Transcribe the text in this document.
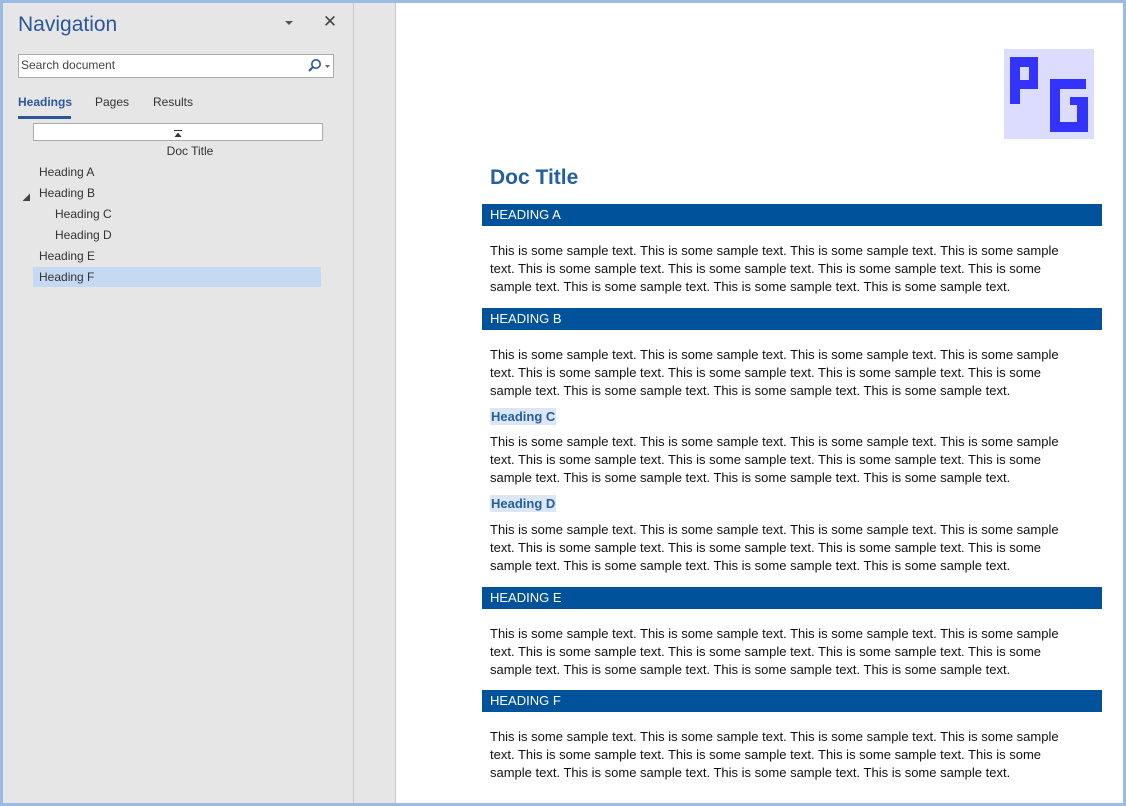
Navigation	✕
Search document
Headings Pages Results
Doc Title
Heading A
Heading B
Heading C
Heading D
Heading E
Heading F
Doc Title
HEADING A
This is some sample text. This is some sample text. This is some sample text. This is some sample text. This is some sample text. This is some sample text. This is some sample text. This is some sample text. This is some sample text. This is some sample text. This is some sample text.
HEADING B
This is some sample text. This is some sample text. This is some sample text. This is some sample text. This is some sample text. This is some sample text. This is some sample text. This is some sample text. This is some sample text. This is some sample text. This is some sample text.
Heading C
This is some sample text. This is some sample text. This is some sample text. This is some sample text. This is some sample text. This is some sample text. This is some sample text. This is some sample text. This is some sample text. This is some sample text. This is some sample text.
Heading D
This is some sample text. This is some sample text. This is some sample text. This is some sample text. This is some sample text. This is some sample text. This is some sample text. This is some sample text. This is some sample text. This is some sample text. This is some sample text.
HEADING E
This is some sample text. This is some sample text. This is some sample text. This is some sample text. This is some sample text. This is some sample text. This is some sample text. This is some sample text. This is some sample text. This is some sample text. This is some sample text.
HEADING F
This is some sample text. This is some sample text. This is some sample text. This is some sample text. This is some sample text. This is some sample text. This is some sample text. This is some sample text. This is some sample text. This is some sample text. This is some sample text.
